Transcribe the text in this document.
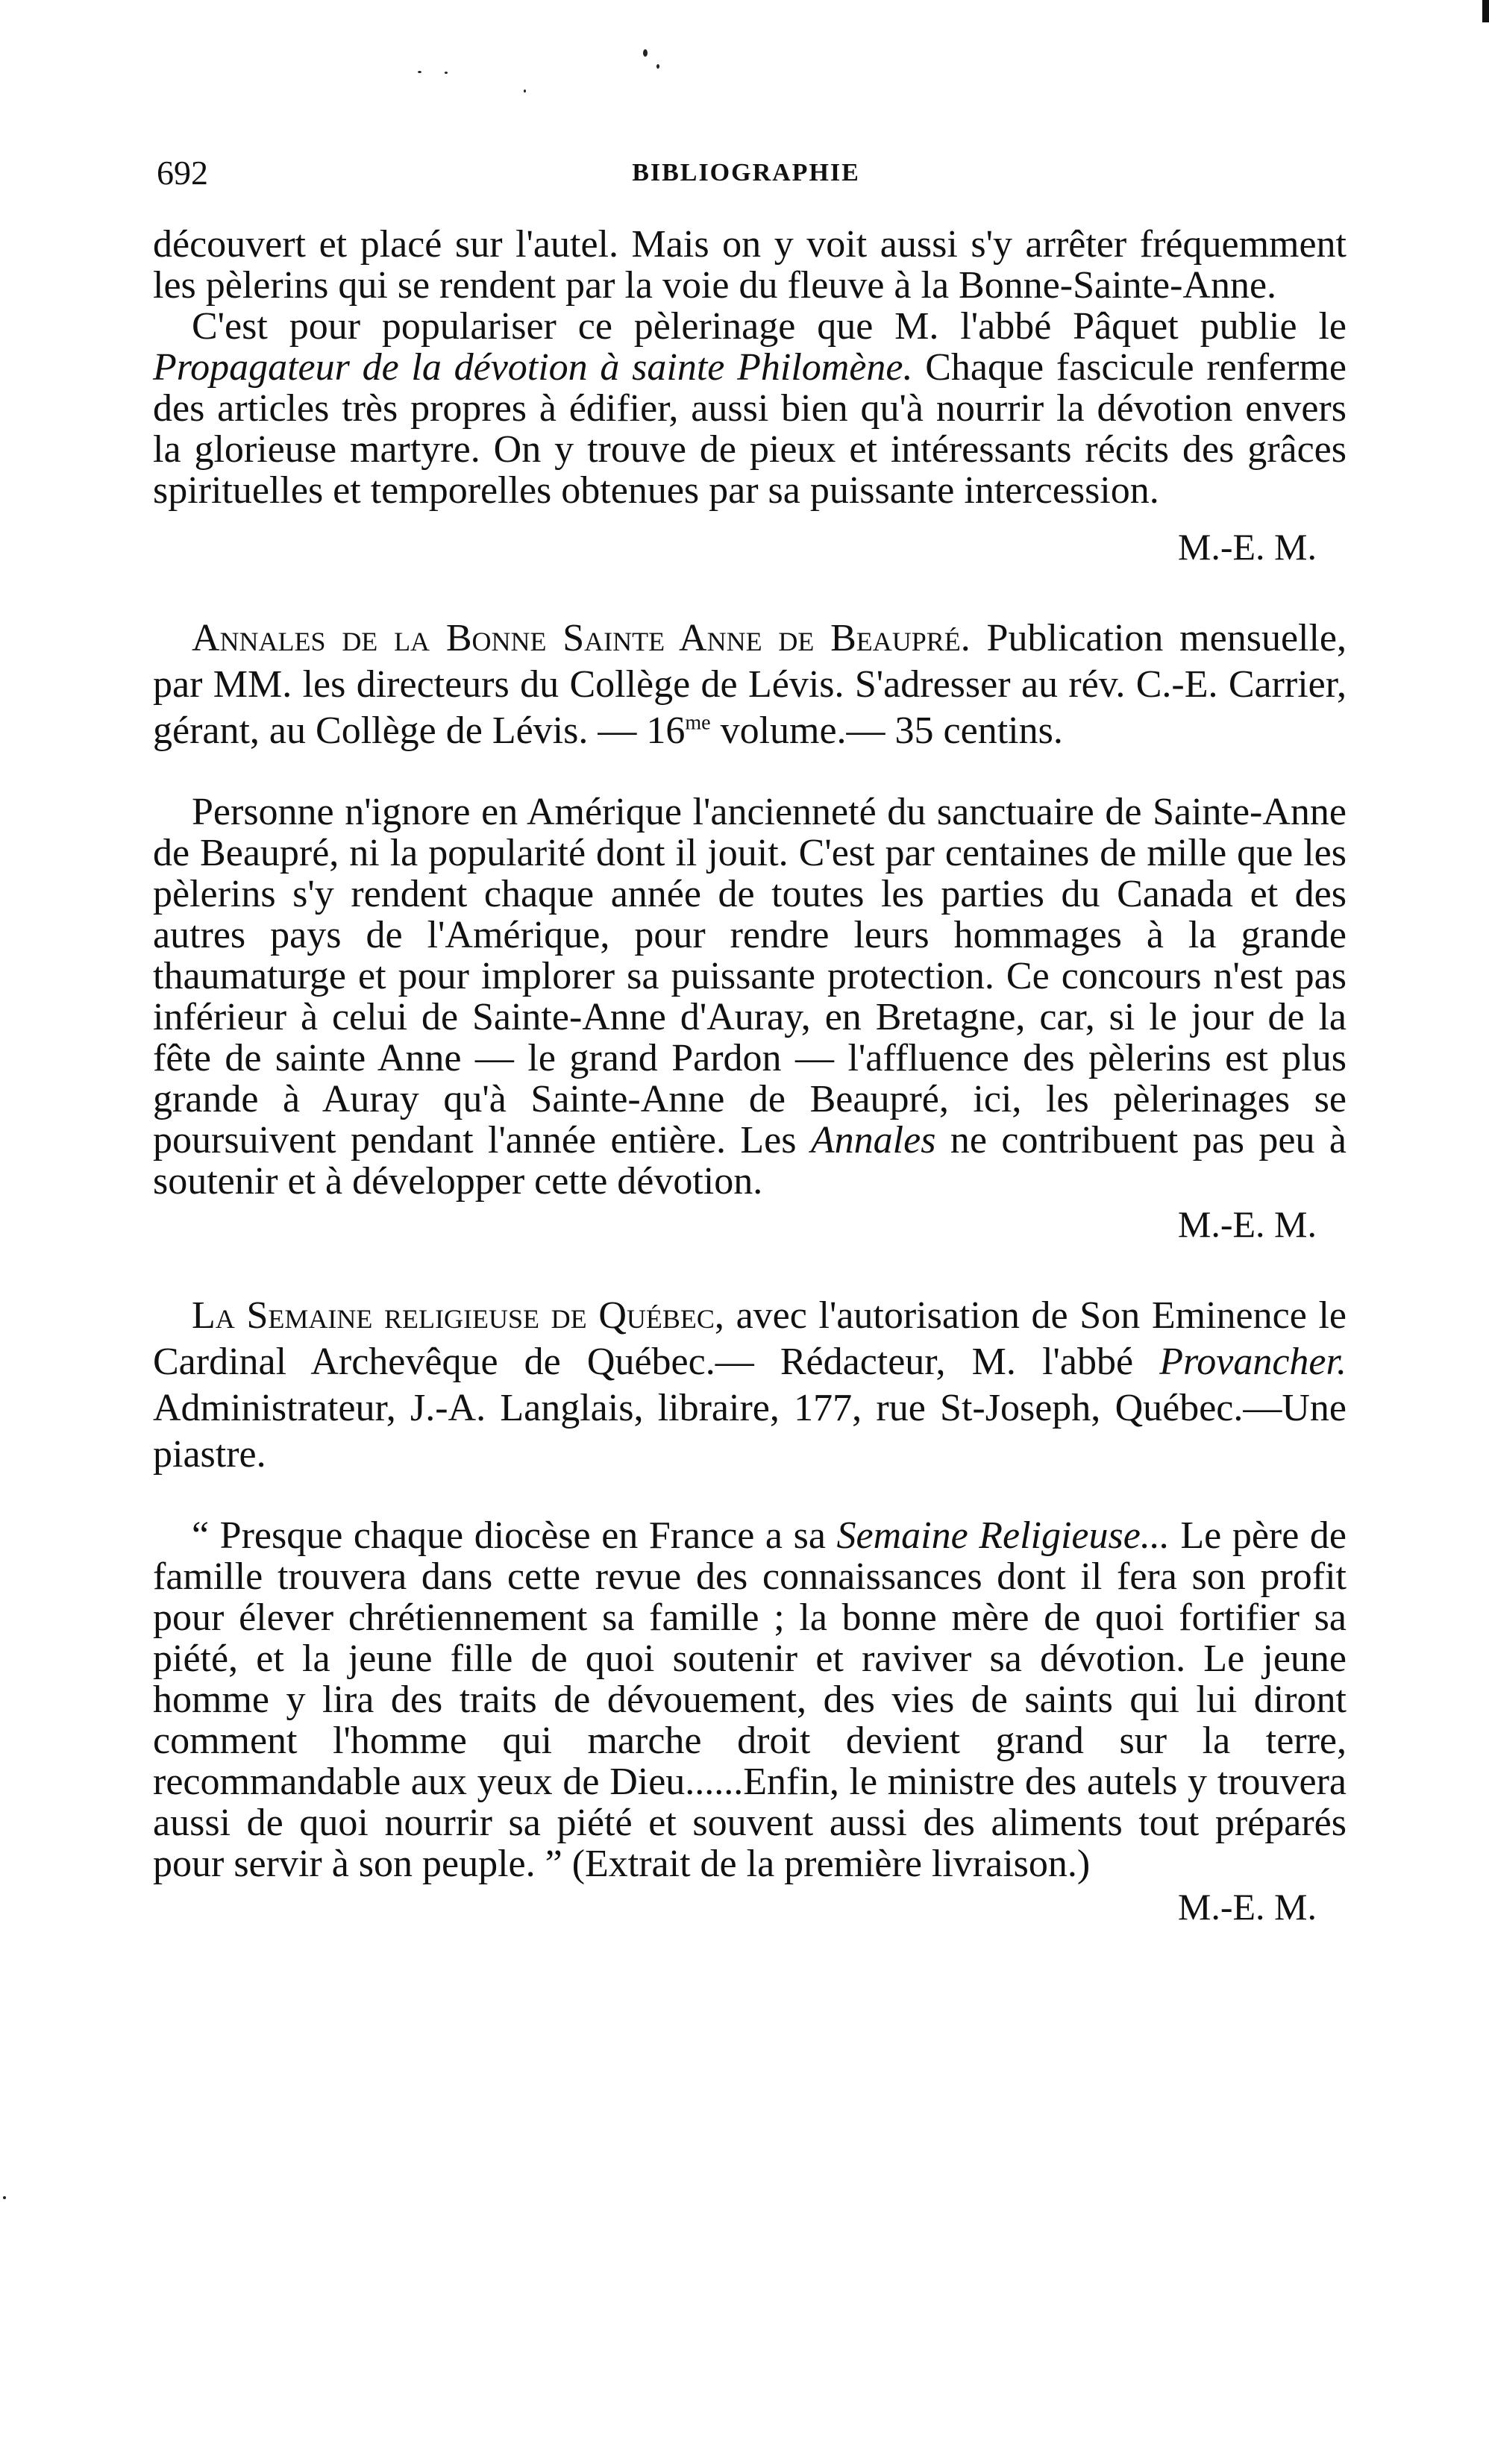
692	BIBLIOGRAPHIE

découvert et placé sur l'autel. Mais on y voit aussi s'y arrêter fréquemment les pèlerins qui se rendent par la voie du fleuve à la Bonne-Sainte-Anne.

C'est pour populariser ce pèlerinage que M. l'abbé Pâquet publie le Propagateur de la dévotion à sainte Philomène. Chaque fascicule renferme des articles très propres à édifier, aussi bien qu'à nourrir la dévotion envers la glorieuse martyre. On y trouve de pieux et intéressants récits des grâces spirituelles et temporelles obtenues par sa puissante intercession.

M.-E. M.

Annales de la Bonne Sainte Anne de Beaupré. Publication mensuelle, par MM. les directeurs du Collège de Lévis. S'adresser au rév. C.-E. Carrier, gérant, au Collège de Lévis. — $16^{me}$ volume.— 35 centins.

Personne n'ignore en Amérique l'ancienneté du sanctuaire de Sainte-Anne de Beaupré, ni la popularité dont il jouit. C'est par centaines de mille que les pèlerins s'y rendent chaque année de toutes les parties du Canada et des autres pays de l'Amérique, pour rendre leurs hommages à la grande thaumaturge et pour implorer sa puissante protection. Ce concours n'est pas inférieur à celui de Sainte-Anne d'Auray, en Bretagne, car, si le jour de la fête de sainte Anne — le grand Pardon — l'affluence des pèlerins est plus grande à Auray qu'à Sainte-Anne de Beaupré, ici, les pèlerinages se poursuivent pendant l'année entière. Les Annales ne contribuent pas peu à soutenir et à développer cette dévotion.

M.-E. M.

La Semaine religieuse de Québec, avec l'autorisation de Son Eminence le Cardinal Archevêque de Québec.— Rédacteur, M. l'abbé Provancher. Administrateur, J.-A. Langlais, libraire, 177, rue St-Joseph, Québec.—Une piastre.

“ Presque chaque diocèse en France a sa Semaine Religieuse... Le père de famille trouvera dans cette revue des connaissances dont il fera son profit pour élever chrétiennement sa famille ; la bonne mère de quoi fortifier sa piété, et la jeune fille de quoi soutenir et raviver sa dévotion. Le jeune homme y lira des traits de dévouement, des vies de saints qui lui diront comment l'homme qui marche droit devient grand sur la terre, recommandable aux yeux de Dieu......Enfin, le ministre des autels y trouvera aussi de quoi nourrir sa piété et souvent aussi des aliments tout préparés pour servir à son peuple. ” (Extrait de la première livraison.)

M.-E. M.
